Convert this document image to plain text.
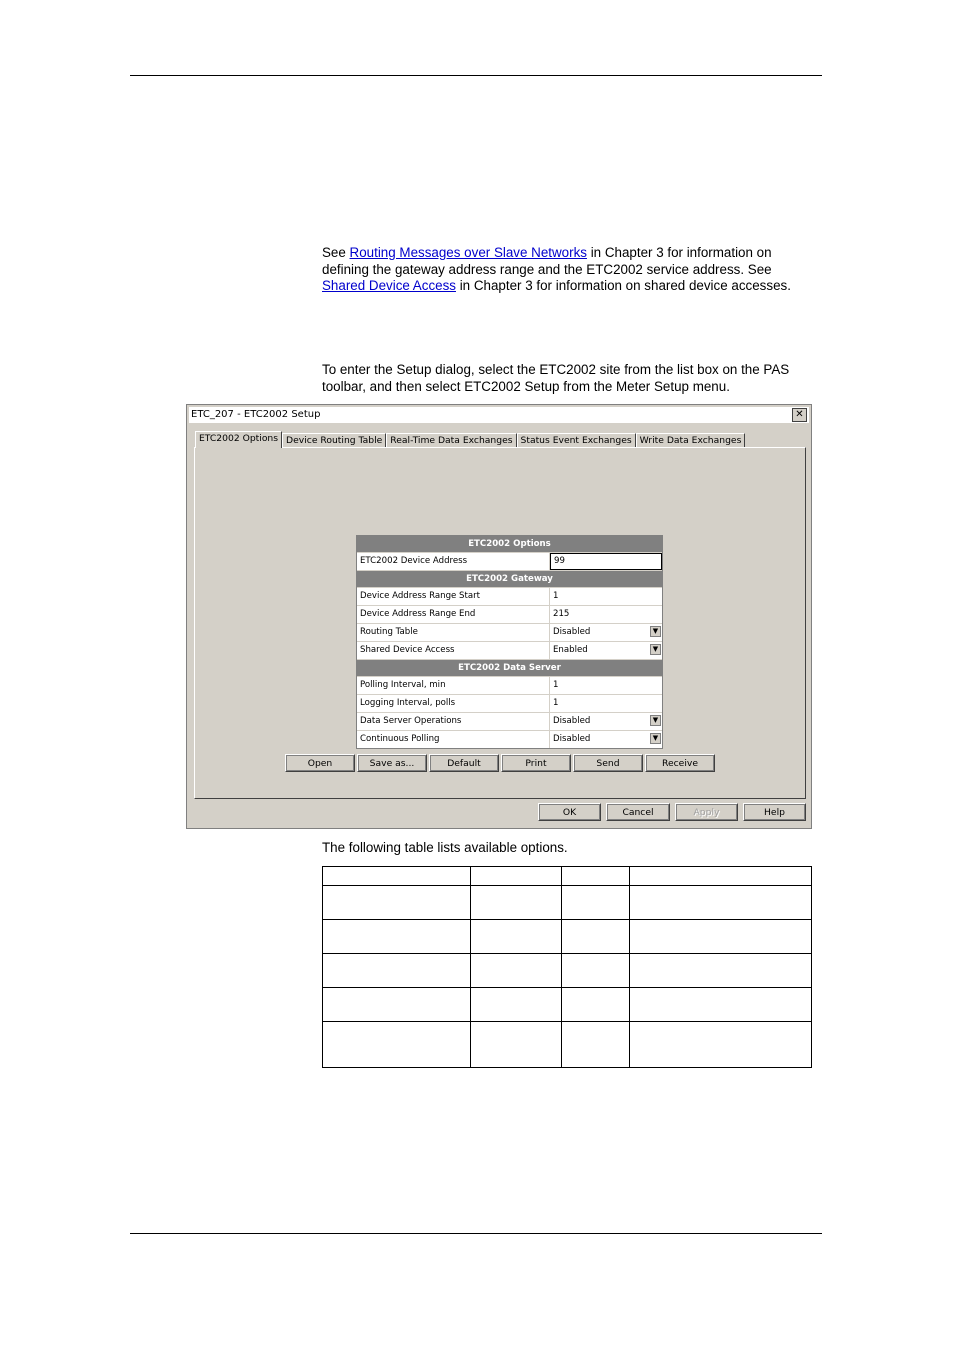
See Routing Messages over Slave Networks in Chapter 3 for information on defining the gateway address range and the ETC2002 service address. See Shared Device Access in Chapter 3 for information on shared device accesses.

To enter the Setup dialog, select the ETC2002 site from the list box on the PAS toolbar, and then select ETC2002 Setup from the Meter Setup menu.

ETC_207 - ETC2002 Setup	✕
ETC2002 Options Device Routing Table Real-Time Data Exchanges Status Event Exchanges Write Data Exchanges
ETC2002 Options
ETC2002 Device Address	99
ETC2002 Gateway
Device Address Range Start	1
Device Address Range End	215
Routing Table	Disabled	▼
Shared Device Access	Enabled	▼
ETC2002 Data Server
Polling Interval, min	1
Logging Interval, polls	1
Data Server Operations	Disabled	▼
Continuous Polling	Disabled	▼
Open	Save as...	Default	Print	Send	Receive
OK	Cancel	Apply	Help

The following table lists available options.
